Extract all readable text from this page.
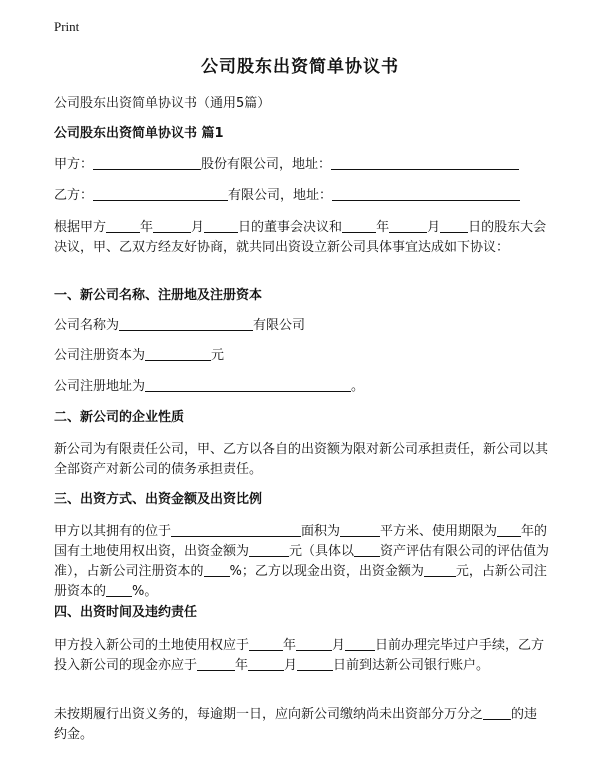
Print
公司股东出资简单协议书
公司股东出资简单协议书（通用5篇）
公司股东出资简单协议书 篇1
甲方：	股份有限公司，地址：
乙方：	有限公司，地址：
根据甲方	年	月	日的董事会决议和	年	月 日的股东大会决议，甲、乙双方经友好协商，就共同出资设立新公司具体事宜达成如下协议：
一、新公司名称、注册地及注册资本
公司名称为	有限公司
公司注册资本为	元
公司注册地址为	。
二、新公司的企业性质
新公司为有限责任公司，甲、乙方以各自的出资额为限对新公司承担责任，新公司以其全部资产对新公司的债务承担责任。
三、出资方式、出资金额及出资比例
甲方以其拥有的位于	面积为	平方米、使用期限为 年的国有土地使用权出资，出资金额为	元（具体以 资产评估有限公司的评估值为准），占新公司注册资本的 %；乙方以现金出资，出资金额为 元，占新公司注册资本的 %。
四、出资时间及违约责任
甲方投入新公司的土地使用权应于	年	月 日前办理完毕过户手续，乙方投入新公司的现金亦应于	年	月	日前到达新公司银行账户。
未按期履行出资义务的，每逾期一日，应向新公司缴纳尚未出资部分万分之 的违约金。
